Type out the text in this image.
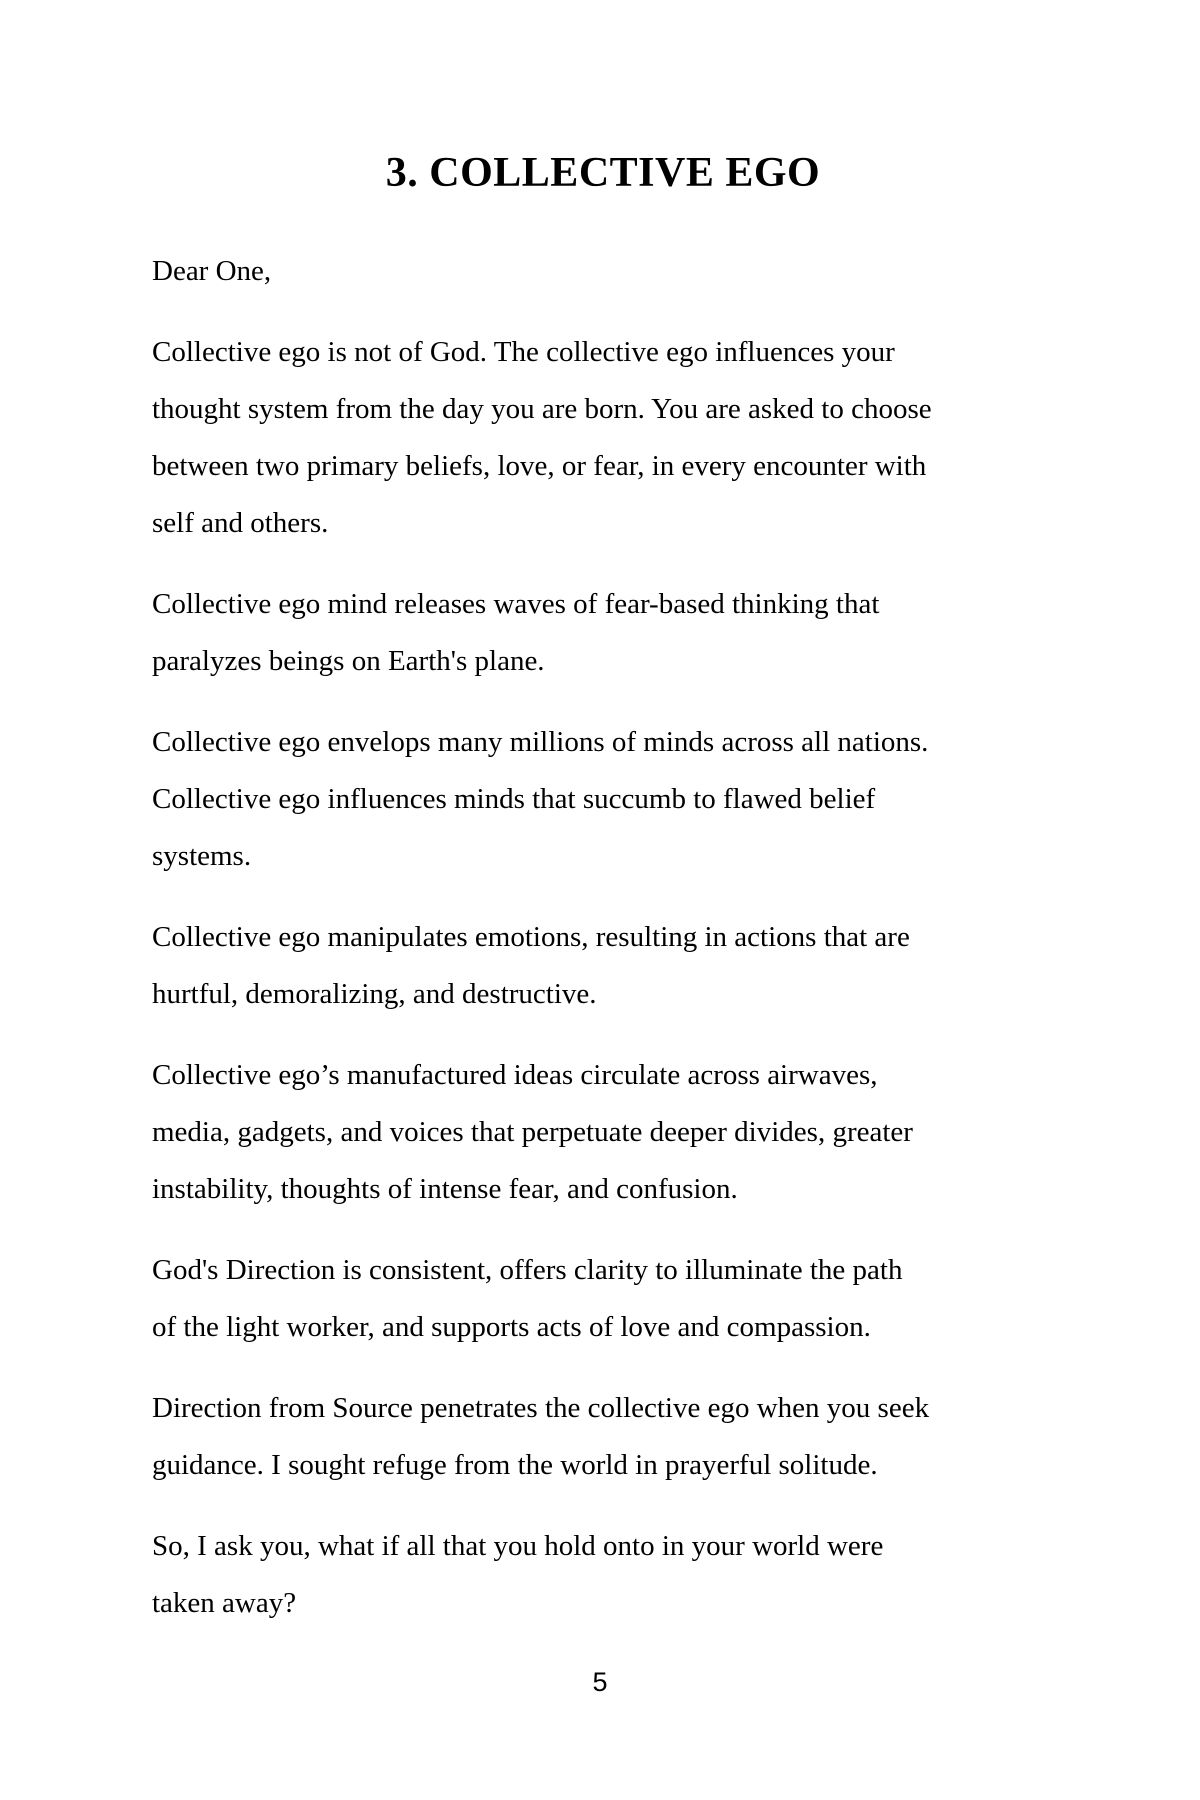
3. COLLECTIVE EGO

Dear One,

Collective ego is not of God. The collective ego influences your
thought system from the day you are born. You are asked to choose
between two primary beliefs, love, or fear, in every encounter with
self and others.
Collective ego mind releases waves of fear-based thinking that
paralyzes beings on Earth's plane.
Collective ego envelops many millions of minds across all nations.
Collective ego influences minds that succumb to flawed belief
systems.
Collective ego manipulates emotions, resulting in actions that are
hurtful, demoralizing, and destructive.
Collective ego’s manufactured ideas circulate across airwaves,
media, gadgets, and voices that perpetuate deeper divides, greater
instability, thoughts of intense fear, and confusion.
God's Direction is consistent, offers clarity to illuminate the path
of the light worker, and supports acts of love and compassion.
Direction from Source penetrates the collective ego when you seek
guidance. I sought refuge from the world in prayerful solitude.
So, I ask you, what if all that you hold onto in your world were
taken away?
5
